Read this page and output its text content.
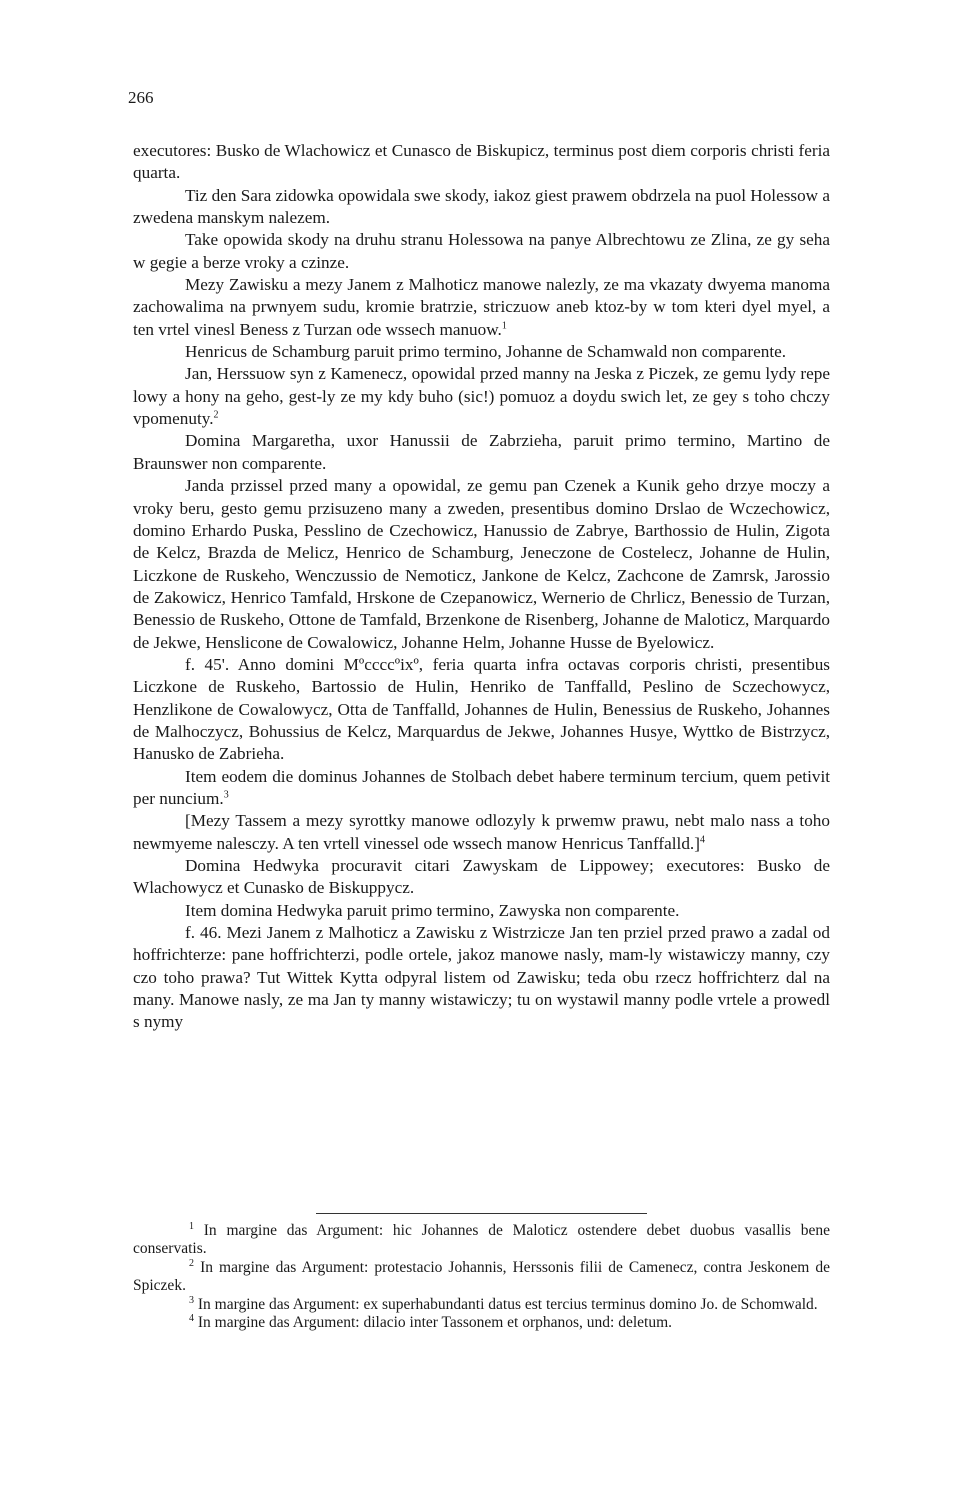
266

executores: Busko de Wlachowicz et Cunasco de Biskupicz, terminus post diem corporis christi feria quarta.

Tiz den Sara zidowka opowidala swe skody, iakoz giest prawem obdrzela na puol Holessow a zwedena manskym nalezem.

Take opowida skody na druhu stranu Holessowa na panye Albrechtowu ze Zlina, ze gy seha w gegie a berze vroky a czinze.

Mezy Zawisku a mezy Janem z Malhoticz manowe nalezly, ze ma vkazaty dwyema manoma zachowalima na prwnyem sudu, kromie bratrzie, striczuow aneb ktoz-by w tom kteri dyel myel, a ten vrtel vinesl Beness z Turzan ode wssech manuow.$^1$

Henricus de Schamburg paruit primo termino, Johanne de Schamwald non comparente.

Jan, Herssuow syn z Kamenecz, opowidal przed manny na Jeska z Piczek, ze gemu lydy repe lowy a hony na geho, gest-ly ze my kdy buho (sic!) pomuoz a doydu swich let, ze gey s toho chczy vpomenuty.$^2$

Domina Margaretha, uxor Hanussii de Zabrzieha, paruit primo termino, Martino de Braunswer non comparente.

Janda przissel przed many a opowidal, ze gemu pan Czenek a Kunik geho drzye moczy a vroky beru, gesto gemu przisuzeno many a zweden, presentibus domino Drslao de Wczechowicz, domino Erhardo Puska, Pesslino de Czechowicz, Hanussio de Zabrye, Barthossio de Hulin, Zigota de Kelcz, Brazda de Melicz, Henrico de Schamburg, Jeneczone de Costelecz, Johanne de Hulin, Liczkone de Ruskeho, Wenczussio de Nemoticz, Jankone de Kelcz, Zachcone de Zamrsk, Jarossio de Zakowicz, Henrico Tamfald, Hrskone de Czepanowicz, Wernerio de Chrlicz, Benessio de Turzan, Benessio de Ruskeho, Ottone de Tamfald, Brzenkone de Risenberg, Johanne de Maloticz, Marquardo de Jekwe, Henslicone de Cowalowicz, Johanne Helm, Johanne Husse de Byelowicz.

f. 45'. Anno domini Mºccccºixº, feria quarta infra octavas corporis christi, presentibus Liczkone de Ruskeho, Bartossio de Hulin, Henriko de Tanffalld, Peslino de Sczechowycz, Henzlikone de Cowalowycz, Otta de Tanffalld, Johannes de Hulin, Benessius de Ruskeho, Johannes de Malhoczycz, Bohussius de Kelcz, Marquardus de Jekwe, Johannes Husye, Wyttko de Bistrzycz, Hanusko de Zabrieha.

Item eodem die dominus Johannes de Stolbach debet habere terminum tercium, quem petivit per nuncium.$^3$

[Mezy Tassem a mezy syrottky manowe odlozyly k prwemw prawu, nebt malo nass a toho newmyeme nalesczy. A ten vrtell vinessel ode wssech manow Henricus Tanffalld.]$^4$

Domina Hedwyka procuravit citari Zawyskam de Lippowey; executores: Busko de Wlachowycz et Cunasko de Biskuppycz.

Item domina Hedwyka paruit primo termino, Zawyska non comparente.

f. 46. Mezi Janem z Malhoticz a Zawisku z Wistrzicze Jan ten prziel przed prawo a zadal od hoffrichterze: pane hoffrichterzi, podle ortele, jakoz manowe nasly, mam-ly wistawiczy manny, czy czo toho prawa? Tut Wittek Kytta odpyral listem od Zawisku; teda obu rzecz hoffrichterz dal na many. Manowe nasly, ze ma Jan ty manny wistawiczy; tu on wystawil manny podle vrtele a prowedl s nymy

$^1$ In margine das Argument: hic Johannes de Maloticz ostendere debet duobus vasallis bene conservatis.

$^2$ In margine das Argument: protestacio Johannis, Herssonis filii de Camenecz, contra Jeskonem de Spiczek.

$^3$ In margine das Argument: ex superhabundanti datus est tercius terminus domino Jo. de Schomwald.

$^4$ In margine das Argument: dilacio inter Tassonem et orphanos, und: deletum.
